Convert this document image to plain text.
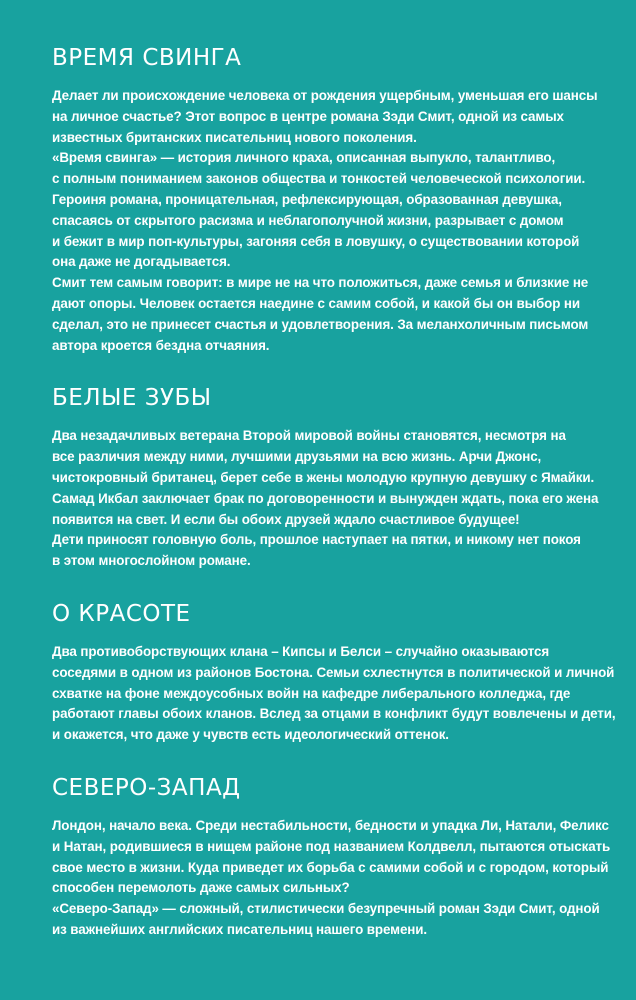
ВРЕМЯ СВИНГА
Делает ли происхождение человека от рождения ущербным, уменьшая его шансы
на личное счастье? Этот вопрос в центре романа Зэди Смит, одной из самых
известных британских писательниц нового поколения.
«Время свинга» — история личного краха, описанная выпукло, талантливо,
с полным пониманием законов общества и тонкостей человеческой психологии.
Героиня романа, проницательная, рефлексирующая, образованная девушка,
спасаясь от скрытого расизма и неблагополучной жизни, разрывает с домом
и бежит в мир поп-культуры, загоняя себя в ловушку, о существовании которой
она даже не догадывается.
Смит тем самым говорит: в мире не на что положиться, даже семья и близкие не
дают опоры. Человек остается наедине с самим собой, и какой бы он выбор ни
сделал, это не принесет счастья и удовлетворения. За меланхоличным письмом
автора кроется бездна отчаяния.
БЕЛЫЕ ЗУБЫ
Два незадачливых ветерана Второй мировой войны становятся, несмотря на
все различия между ними, лучшими друзьями на всю жизнь. Арчи Джонс,
чистокровный британец, берет себе в жены молодую крупную девушку с Ямайки.
Самад Икбал заключает брак по договоренности и вынужден ждать, пока его жена
появится на свет. И если бы обоих друзей ждало счастливое будущее!
Дети приносят головную боль, прошлое наступает на пятки, и никому нет покоя
в этом многослойном романе.
О КРАСОТЕ
Два противоборствующих клана – Кипсы и Белси – случайно оказываются
соседями в одном из районов Бостона. Семьи схлестнутся в политической и личной
схватке на фоне междоусобных войн на кафедре либерального колледжа, где
работают главы обоих кланов. Вслед за отцами в конфликт будут вовлечены и дети,
и окажется, что даже у чувств есть идеологический оттенок.
СЕВЕРО-ЗАПАД
Лондон, начало века. Среди нестабильности, бедности и упадка Ли, Натали, Феликс
и Натан, родившиеся в нищем районе под названием Колдвелл, пытаются отыскать
свое место в жизни. Куда приведет их борьба с самими собой и с городом, который
способен перемолоть даже самых сильных?
«Северо-Запад» — сложный, стилистически безупречный роман Зэди Смит, одной
из важнейших английских писательниц нашего времени.
